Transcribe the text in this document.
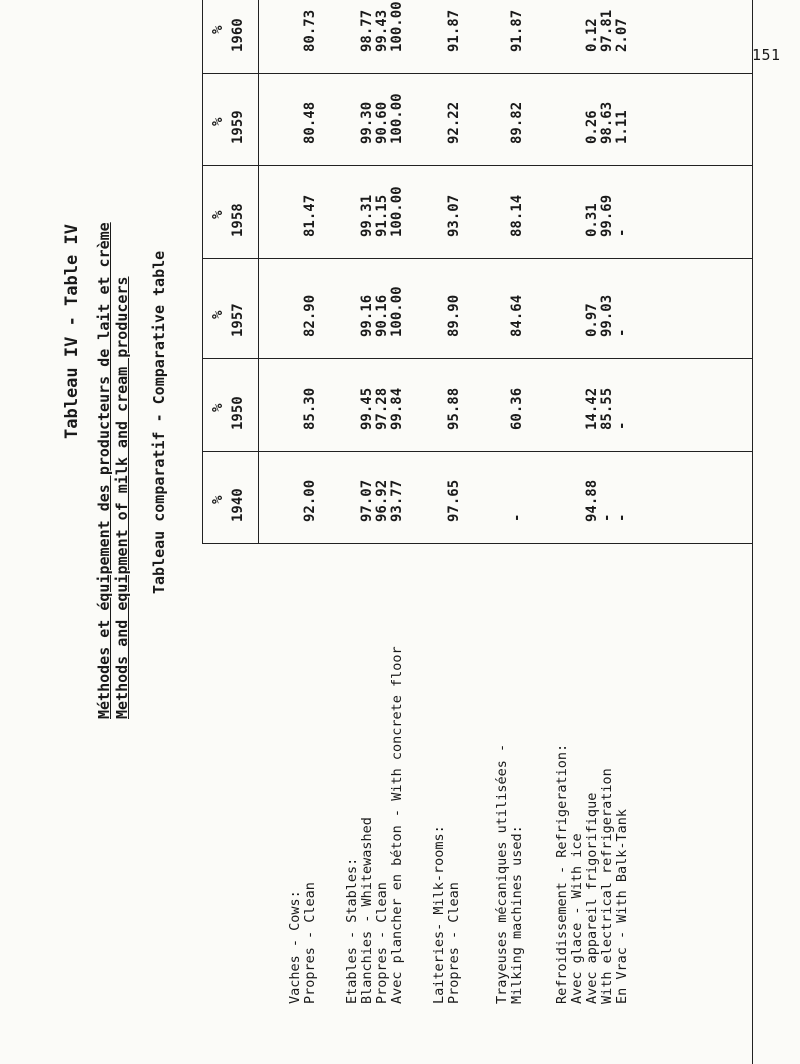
151
Tableau IV - Table IV Méthodes et équipement des producteurs de lait et crème Methods and equipment of milk and cream producers Tableau comparatif - Comparative table	% 1940
% 1950
% 1957
% 1958
% 1959
% 1960
Vaches - Cows: Propres - Clean
92.00
85.30
82.90
81.47
80.48
80.73
Etables - Stables: Blanchies - Whitewashed Propres - Clean Avec plancher en béton - With concrete floor
97.07
99.45
99.16
99.31
99.30
98.77
96.92
97.28
90.16
91.15
90.60
99.43
93.77
99.84
100.00
100.00
100.00
100.00
Laiteries- Milk-rooms: Propres - Clean
97.65
95.88
89.90
93.07
92.22
91.87
Trayeuses mécaniques utilisées - Milking machines used:
-
60.36
84.64
88.14
89.82
91.87
Refroidissement - Refrigeration: Avec glace - With ice Avec appareil frigorifique With electrical refrigeration En Vrac - With Balk-Tank
94.88
14.42
0.97
0.31
0.26
0.12
-
85.55
99.03
99.69
98.63
97.81
-
-
-
-
1.11
2.07
